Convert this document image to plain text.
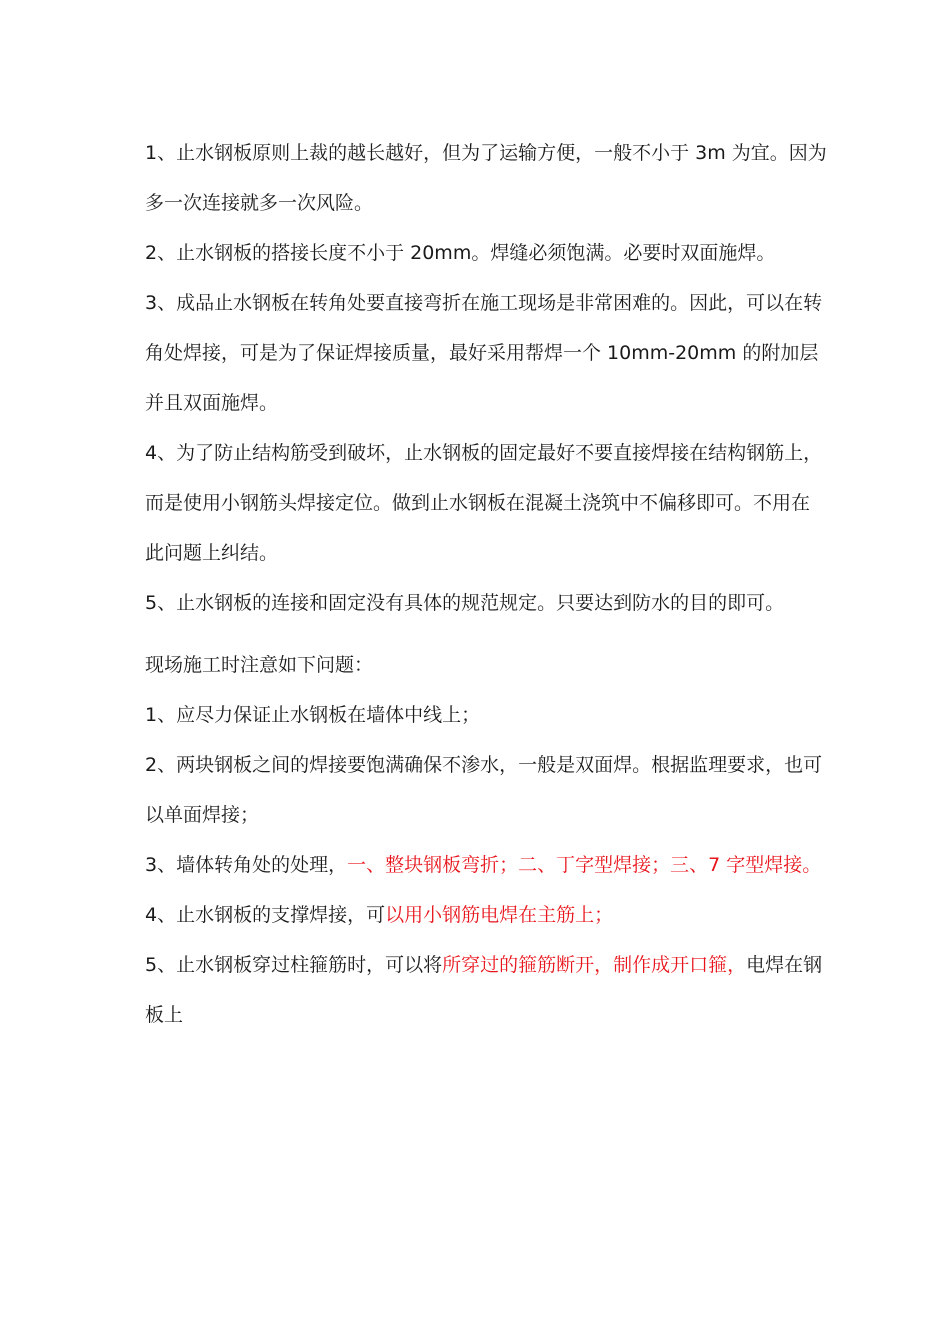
1、止水钢板原则上裁的越长越好，但为了运输方便，一般不小于 3m 为宜。因为
多一次连接就多一次风险。
2、止水钢板的搭接长度不小于 20mm。焊缝必须饱满。必要时双面施焊。
3、成品止水钢板在转角处要直接弯折在施工现场是非常困难的。因此，可以在转
角处焊接，可是为了保证焊接质量，最好采用帮焊一个 10mm-20mm 的附加层
并且双面施焊。
4、为了防止结构筋受到破坏，止水钢板的固定最好不要直接焊接在结构钢筋上，
而是使用小钢筋头焊接定位。做到止水钢板在混凝土浇筑中不偏移即可。不用在
此问题上纠结。
5、止水钢板的连接和固定没有具体的规范规定。只要达到防水的目的即可。
现场施工时注意如下问题：
1、应尽力保证止水钢板在墙体中线上；
2、两块钢板之间的焊接要饱满确保不渗水，一般是双面焊。根据监理要求，也可
以单面焊接；
3、墙体转角处的处理，一、整块钢板弯折；二、丁字型焊接；三、7 字型焊接。
4、止水钢板的支撑焊接，可以用小钢筋电焊在主筋上；
5、止水钢板穿过柱箍筋时，可以将所穿过的箍筋断开，制作成开口箍，电焊在钢
板上
